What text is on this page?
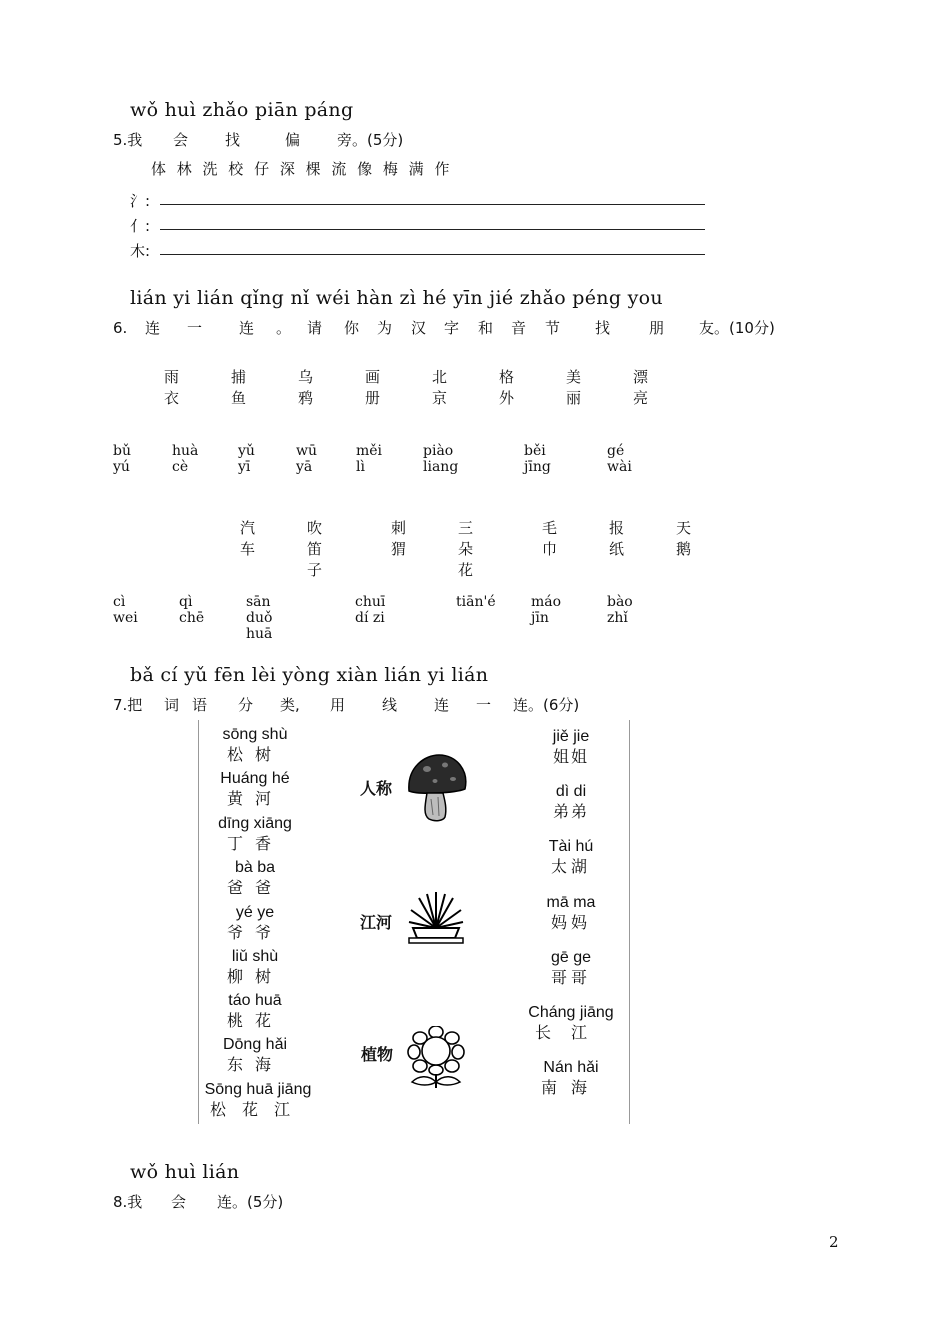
wǒ huì zhǎo piān páng
5.我 会 找	偏 旁。(5分)
体 林 洗 校 仔 深 棵 流 像 梅 满 作
氵:
亻:
木:
lián yi lián qǐng nǐ wéi hàn zì hé yīn jié zhǎo péng you
6. 连 一 连 。 请 你 为 汉 字 和 音 节 找	朋 友。(10分)
雨衣
捕鱼
乌鸦
画册
北京
格外
美丽
漂亮
bǔ yú
huà cè
yǔ yī
wū yā
měi lì
piào liang
běi jīng
gé wài
汽车
吹笛子
刺猬
三朵花
毛巾
报纸
天鹅
cì wei
qì chē
sān duǒ huā
chuī dí zi
tiān'é	máo jīn
bào zhǐ
bǎ cí yǔ fēn lèi yòng xiàn lián yi lián
7.把 词 语 分 类, 用 线 连 一 连。(6分)
sōng shù
松树
Huáng hé
黄河
dīng xiāng
丁香
bà ba
爸爸
yé ye
爷爷
liǔ shù
柳树
táo huā
桃花
Dōng hǎi
东海
Sōng huā jiāng
松花江
人称
江河
植物
jiě jie
姐姐
dì di
弟弟
Tài hú
太湖
mā ma
妈妈
gē ge
哥哥
Cháng jiāng
长江
Nán hǎi
南海
wǒ huì lián
8.我 会 连。(5分)
2
